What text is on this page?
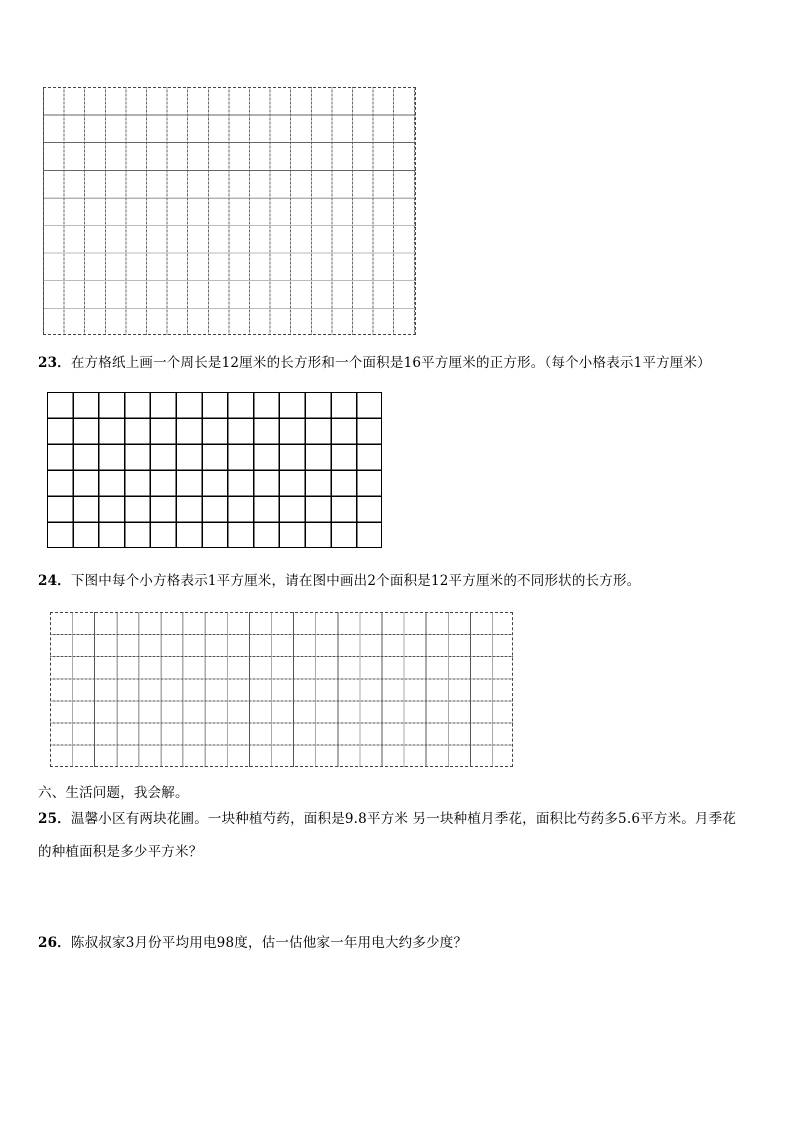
23．在方格纸上画一个周长是12厘米的长方形和一个面积是16平方厘米的正方形。（每个小格表示1平方厘米）
24．下图中每个小方格表示1平方厘米，请在图中画出2个面积是12平方厘米的不同形状的长方形。
六、生活问题，我会解。
25．温馨小区有两块花圃。一块种植芍药，面积是9.8平方米 另一块种植月季花，面积比芍药多5.6平方米。月季花
的种植面积是多少平方米？
26．陈叔叔家3月份平均用电98度，估一估他家一年用电大约多少度？
